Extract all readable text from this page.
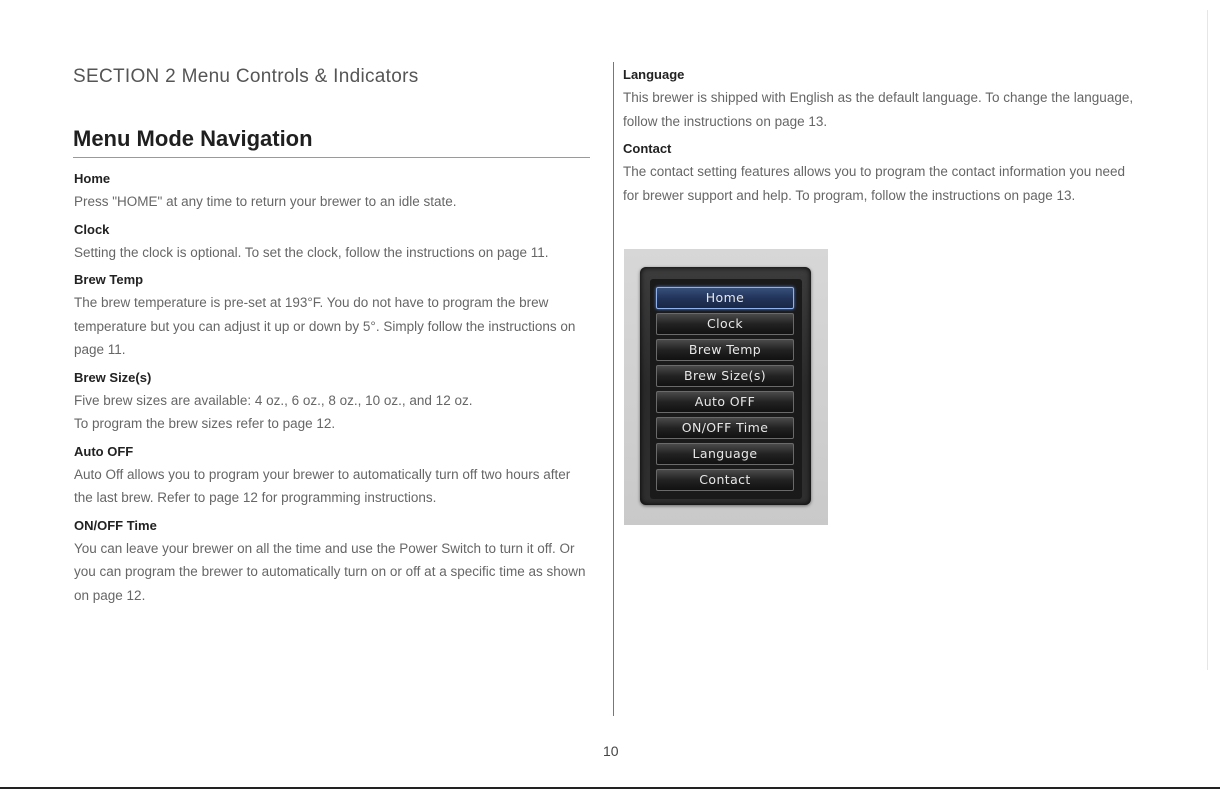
SECTION 2 Menu Controls & Indicators
Menu Mode Navigation
Home

Press "HOME" at any time to return your brewer to an idle state.

Clock

Setting the clock is optional. To set the clock, follow the instructions on page 11.

Brew Temp

The brew temperature is pre-set at 193°F. You do not have to program the brew temperature but you can adjust it up or down by 5°. Simply follow the instructions on page 11.

Brew Size(s)

Five brew sizes are available: 4 oz., 6 oz., 8 oz., 10 oz., and 12 oz.

To program the brew sizes refer to page 12.

Auto OFF

Auto Off allows you to program your brewer to automatically turn off two hours after the last brew. Refer to page 12 for programming instructions.

ON/OFF Time

You can leave your brewer on all the time and use the Power Switch to turn it off. Or you can program the brewer to automatically turn on or off at a specific time as shown on page 12.

Language

This brewer is shipped with English as the default language. To change the language, follow the instructions on page 13.

Contact

The contact setting features allows you to program the contact information you need for brewer support and help. To program, follow the instructions on page 13.

Home
Clock
Brew Temp
Brew Size(s)
Auto OFF
ON/OFF Time
Language
Contact
10
